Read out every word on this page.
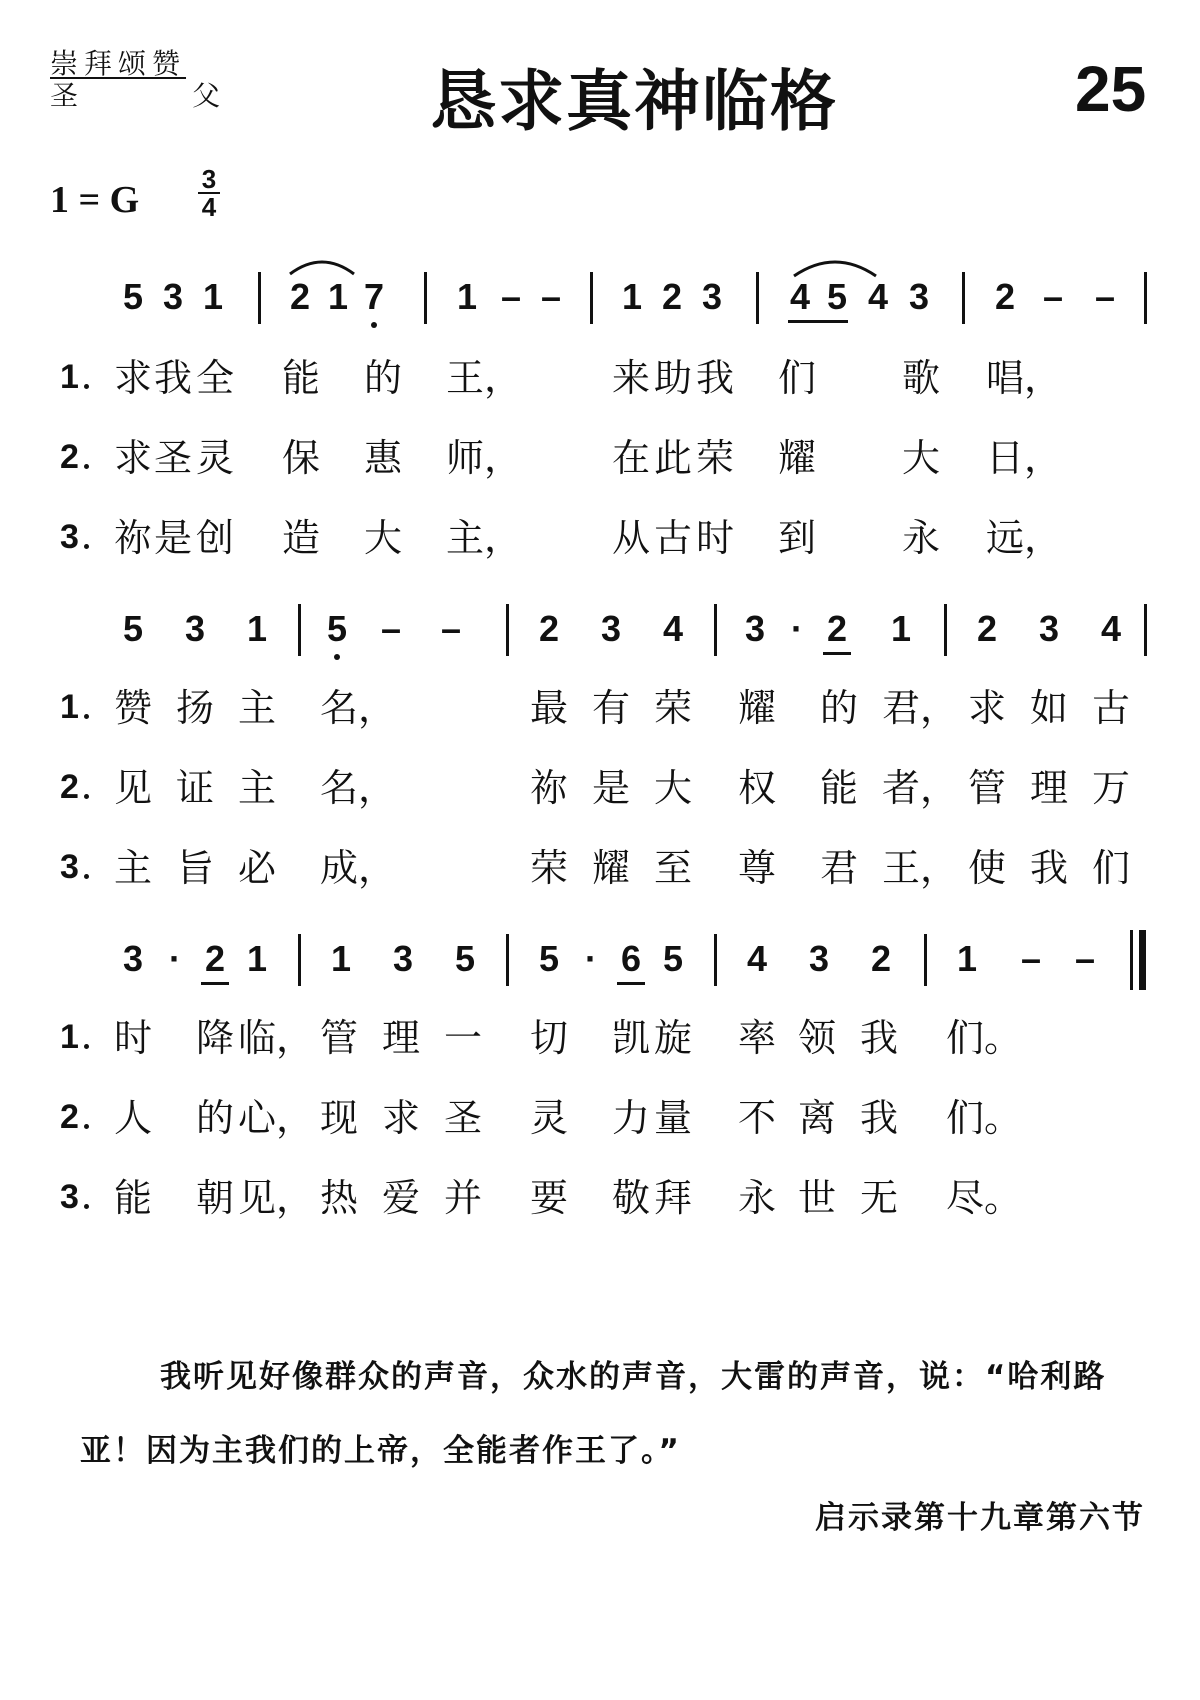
崇拜颂赞
圣	父	恳求真神临格	25
1 = G $\frac{3}{4}$
5 3 1 2 1 7 1 – – 1 2 3 4 5 4 3 2 – –
1 求 我 全 能 的 王， 来 助 我 们 歌 唱，
2 求 圣 灵 保 惠 师， 在 此 荣 耀 大 日，
3 祢 是 创 造 大 主， 从 古 时 到 永 远，
5 3 1 5 – – 2 3 4 3 · 2 1 2 3 4
1 赞 扬 主 名，	最 有 荣 耀 的 君， 求 如 古
2 见 证 主 名，	祢 是 大 权 能 者， 管 理 万
3 主 旨 必 成，	荣 耀 至 尊 君 王， 使 我 们
3 · 2 1 1 3 5 5 · 6 5 4 3 2 1 – –
1 时 降 临， 管 理 一 切 凯 旋 率 领 我 们。
2 人 的 心， 现 求 圣 灵 力 量 不 离 我 们。
3 能 朝 见， 热 爱 并 要 敬 拜 永 世 无 尽。
我听见好像群众的声音，众水的声音，大雷的声音，说：“哈利路亚！因为主我们的上帝，全能者作王了。”
启示录第十九章第六节
